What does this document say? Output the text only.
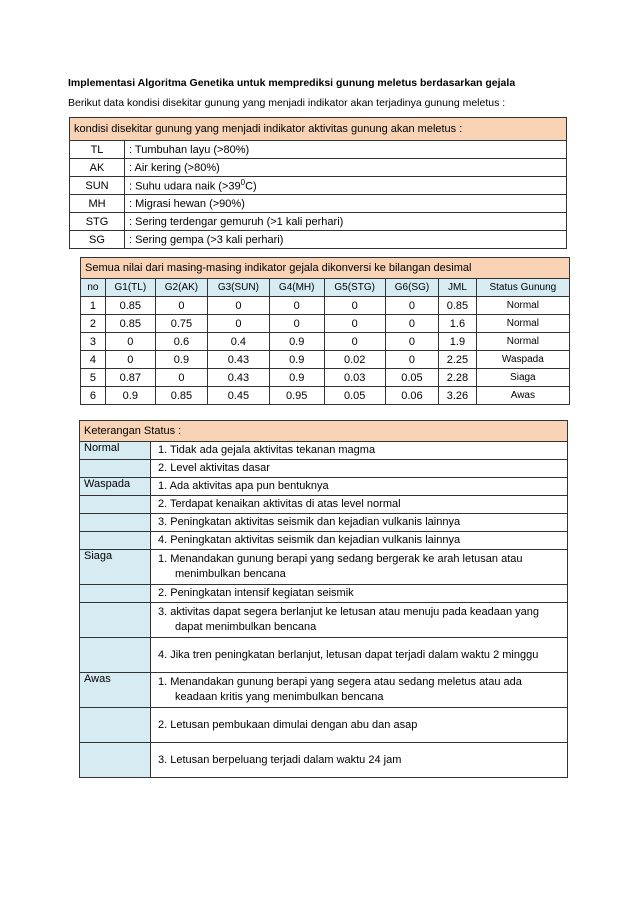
Implementasi Algoritma Genetika untuk memprediksi gunung meletus berdasarkan gejala
Berikut data kondisi disekitar gunung yang menjadi indikator akan terjadinya gunung meletus :
kondisi disekitar gunung yang menjadi indikator aktivitas gunung akan meletus :	
TL	: Tumbuhan layu (>80%)
AK	: Air kering (>80%)
SUN	: Suhu udara naik $(>39^0C)$
MH	: Migrasi hewan (>90%)
STG	: Sering terdengar gemuruh (>1 kali perhari)
SG	: Sering gempa (>3 kali perhari)
Semua nilai dari masing-masing indikator gejala dikonversi ke bilangan desimal								
no	G1(TL)	G2(AK)	G3(SUN)	G4(MH)	G5(STG)	G6(SG)	JML	Status Gunung
1	0.85	0	0	0	0	0	0.85	Normal
2	0.85	0.75	0	0	0	0	1.6	Normal
3	0	0.6	0.4	0.9	0	0	1.9	Normal
4	0	0.9	0.43	0.9	0.02	0	2.25	Waspada
5	0.87	0	0.43	0.9	0.03	0.05	2.28	Siaga
6	0.9	0.85	0.45	0.95	0.05	0.06	3.26	Awas
Keterangan Status :	
Normal	1. Tidak ada gejala aktivitas tekanan magma
	2. Level aktivitas dasar
Waspada	1. Ada aktivitas apa pun bentuknya
	2. Terdapat kenaikan aktivitas di atas level normal
	3. Peningkatan aktivitas seismik dan kejadian vulkanis lainnya
	4. Peningkatan aktivitas seismik dan kejadian vulkanis lainnya
Siaga	1. Menandakan gunung berapi yang sedang bergerak ke arah letusan atau menimbulkan bencana
	2. Peningkatan intensif kegiatan seismik
	3. aktivitas dapat segera berlanjut ke letusan atau menuju pada keadaan yang dapat menimbulkan bencana
	4. Jika tren peningkatan berlanjut, letusan dapat terjadi dalam waktu 2 minggu
Awas	1. Menandakan gunung berapi yang segera atau sedang meletus atau ada keadaan kritis yang menimbulkan bencana
	2. Letusan pembukaan dimulai dengan abu dan asap
	3. Letusan berpeluang terjadi dalam waktu 24 jam
